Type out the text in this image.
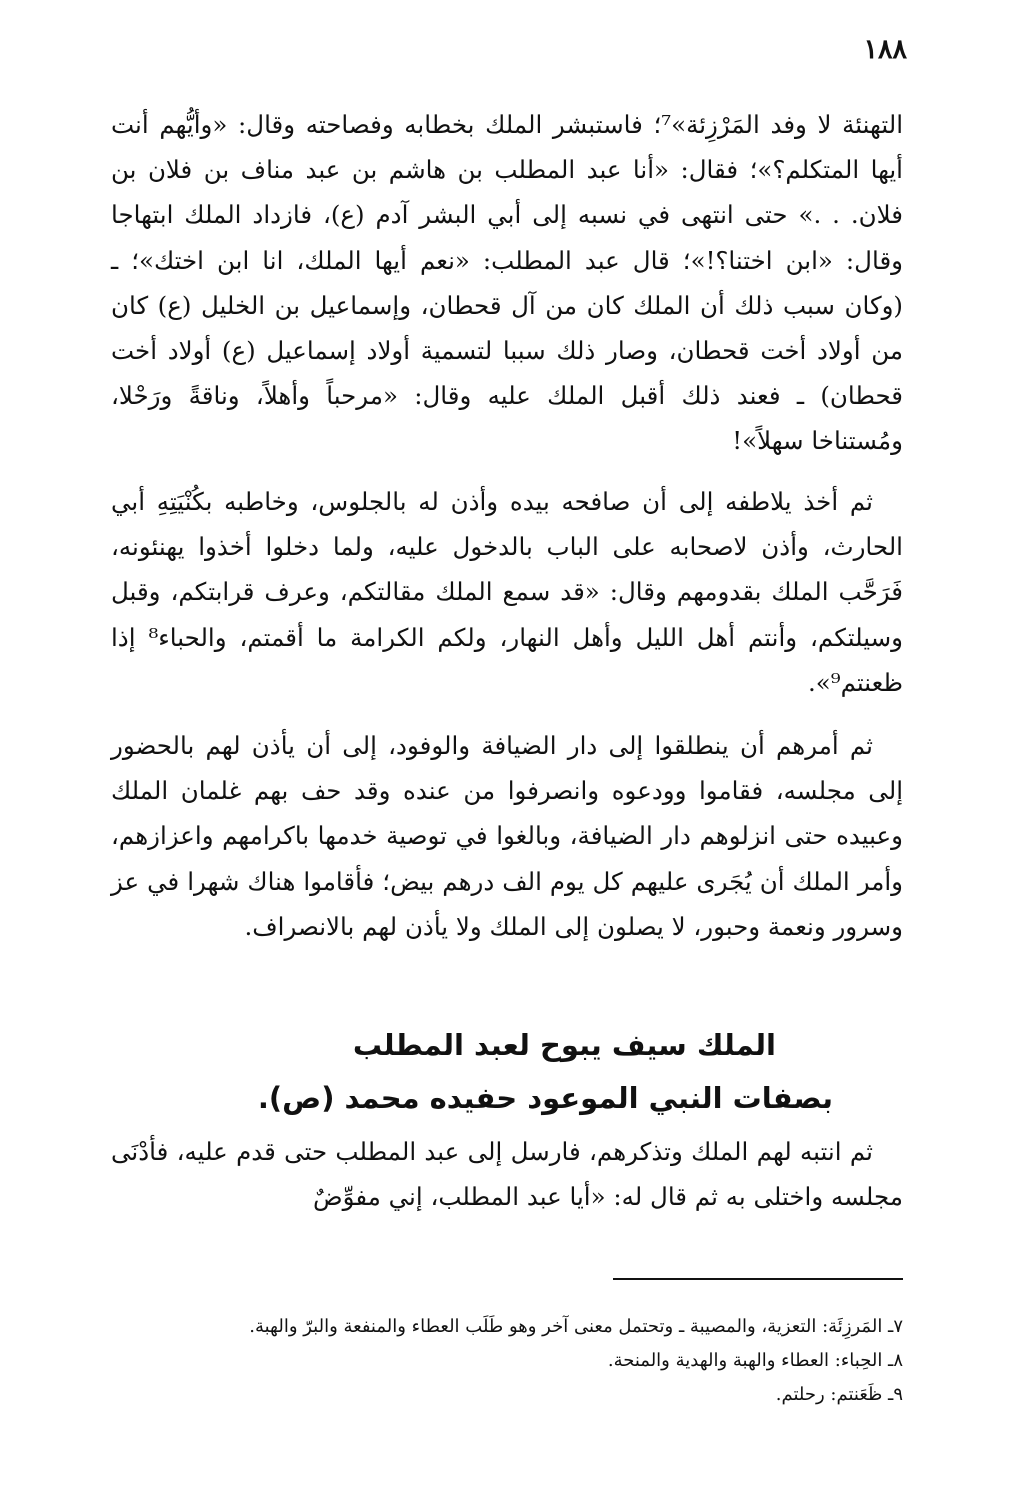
١٨٨

التهنئة لا وفد المَرْزِئة»⁷؛ فاستبشر الملك بخطابه وفصاحته وقال: «وأيُّهم أنت أيها المتكلم؟»؛ فقال: «أنا عبد المطلب بن هاشم بن عبد مناف بن فلان بن فلان. . .» حتى انتهى في نسبه إلى أبي البشر آدم (ع)، فازداد الملك ابتهاجا وقال: «ابن اختنا؟!»؛ قال عبد المطلب: «نعم أيها الملك، انا ابن اختك»؛ ـ (وكان سبب ذلك أن الملك كان من آل قحطان، وإسماعيل بن الخليل (ع) كان من أولاد أخت قحطان، وصار ذلك سببا لتسمية أولاد إسماعيل (ع) أولاد أخت قحطان) ـ فعند ذلك أقبل الملك عليه وقال: «مرحباً وأهلاً، وناقةً ورَحْلا، ومُستناخا سهلاً»!

ثم أخذ يلاطفه إلى أن صافحه بيده وأذن له بالجلوس، وخاطبه بكُنْيَتِهِ أبي الحارث، وأذن لاصحابه على الباب بالدخول عليه، ولما دخلوا أخذوا يهنئونه، فَرَحَّب الملك بقدومهم وقال: «قد سمع الملك مقالتكم، وعرف قرابتكم، وقبل وسيلتكم، وأنتم أهل الليل وأهل النهار، ولكم الكرامة ما أقمتم، والحباء⁸ إذا ظعنتم⁹».

ثم أمرهم أن ينطلقوا إلى دار الضيافة والوفود، إلى أن يأذن لهم بالحضور إلى مجلسه، فقاموا وودعوه وانصرفوا من عنده وقد حف بهم غلمان الملك وعبيده حتى انزلوهم دار الضيافة، وبالغوا في توصية خدمها باكرامهم واعزازهم، وأمر الملك أن يُجَرى عليهم كل يوم الف درهم بيض؛ فأقاموا هناك شهرا في عز وسرور ونعمة وحبور، لا يصلون إلى الملك ولا يأذن لهم بالانصراف.

الملك سيف يبوح لعبد المطلب
بصفات النبي الموعود حفيده محمد (ص).

ثم انتبه لهم الملك وتذكرهم، فارسل إلى عبد المطلب حتى قدم عليه، فأدْنَى مجلسه واختلى به ثم قال له: «أيا عبد المطلب، إني مفوِّضٌ

٧ـ المَرزِئَة: التعزية، والمصيبة ـ وتحتمل معنى آخر وهو طَلَب العطاء والمنفعة والبرّ والهبة.

٨ـ الحِباء: العطاء والهبة والهدية والمنحة.

٩ـ ظَعَنتم: رحلتم.
